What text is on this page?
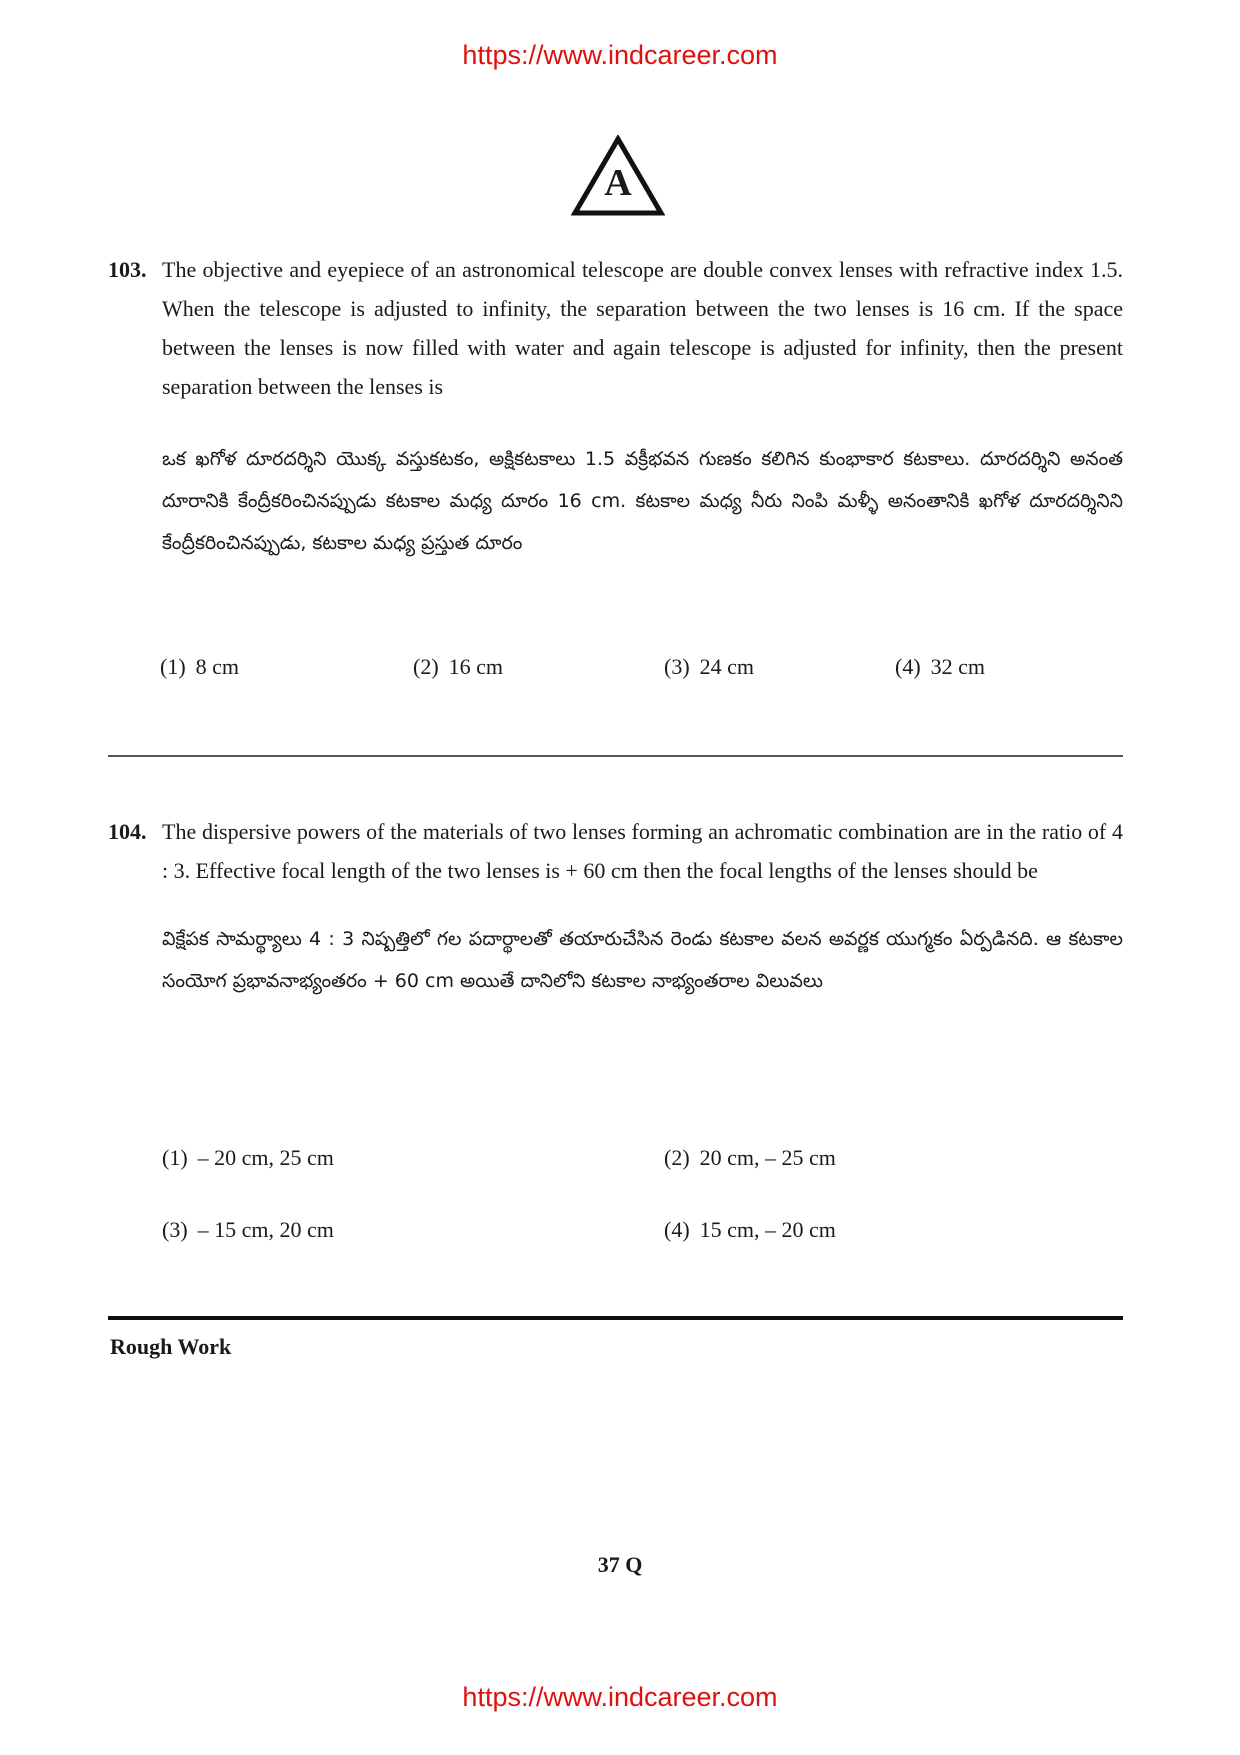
https://www.indcareer.com
A
103. The objective and eyepiece of an astronomical telescope are double convex lenses with refractive index 1.5. When the telescope is adjusted to infinity, the separation between the two lenses is 16 cm. If the space between the lenses is now filled with water and again telescope is adjusted for infinity, then the present separation between the lenses is
ఒక ఖగోళ దూరదర్శిని యొక్క వస్తుకటకం, అక్షికటకాలు 1.5 వక్రీభవన గుణకం కలిగిన కుంభాకార కటకాలు. దూరదర్శిని అనంత దూరానికి కేంద్రీకరించినప్పుడు కటకాల మధ్య దూరం 16 cm. కటకాల మధ్య నీరు నింపి మళ్ళీ అనంతానికి ఖగోళ దూరదర్శినిని కేంద్రీకరించినప్పుడు, కటకాల మధ్య ప్రస్తుత దూరం
(1) 8 cm	(2) 16 cm	(3) 24 cm	(4) 32 cm
104. The dispersive powers of the materials of two lenses forming an achromatic combination are in the ratio of 4 : 3. Effective focal length of the two lenses is + 60 cm then the focal lengths of the lenses should be
విక్షేపక సామర్థ్యాలు 4 : 3 నిష్పత్తిలో గల పదార్థాలతో తయారుచేసిన రెండు కటకాల వలన అవర్ణక యుగ్మకం ఏర్పడినది. ఆ కటకాల సంయోగ ప్రభావనాభ్యంతరం + 60 cm అయితే దానిలోని కటకాల నాభ్యంతరాల విలువలు
(1) – 20 cm, 25 cm	(2) 20 cm, – 25 cm
(3) – 15 cm, 20 cm	(4) 15 cm, – 20 cm
Rough Work
37 Q
https://www.indcareer.com
